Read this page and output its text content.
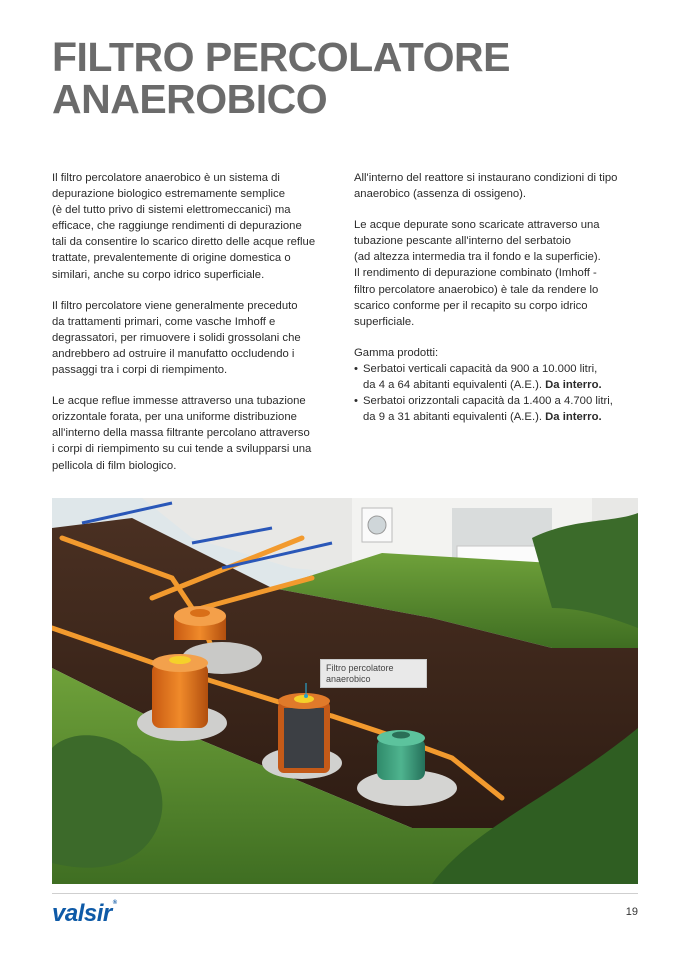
FILTRO PERCOLATORE
ANAEROBICO

Il filtro percolatore anaerobico è un sistema di
depurazione biologico estremamente semplice
(è del tutto privo di sistemi elettromeccanici) ma
efficace, che raggiunge rendimenti di depurazione
tali da consentire lo scarico diretto delle acque reflue
trattate, prevalentemente di origine domestica o
similari, anche su corpo idrico superficiale.

Il filtro percolatore viene generalmente preceduto
da trattamenti primari, come vasche Imhoff e
degrassatori, per rimuovere i solidi grossolani che
andrebbero ad ostruire il manufatto occludendo i
passaggi tra i corpi di riempimento.

Le acque reflue immesse attraverso una tubazione
orizzontale forata, per una uniforme distribuzione
all'interno della massa filtrante percolano attraverso
i corpi di riempimento su cui tende a svilupparsi una
pellicola di film biologico.

All'interno del reattore si instaurano condizioni di tipo
anaerobico (assenza di ossigeno).

Le acque depurate sono scaricate attraverso una
tubazione pescante all'interno del serbatoio
(ad altezza intermedia tra il fondo e la superficie).
Il rendimento di depurazione combinato (Imhoff -
filtro percolatore anaerobico) è tale da rendere lo
scarico conforme per il recapito su corpo idrico
superficiale.

Gamma prodotti:
• Serbatoi verticali capacità da 900 a 10.000 litri,
da 4 a 64 abitanti equivalenti (A.E.). Da interro.
• Serbatoi orizzontali capacità da 1.400 a 4.700 litri,
da 9 a 31 abitanti equivalenti (A.E.). Da interro.
Filtro percolatore
anaerobico
valsir®
19
